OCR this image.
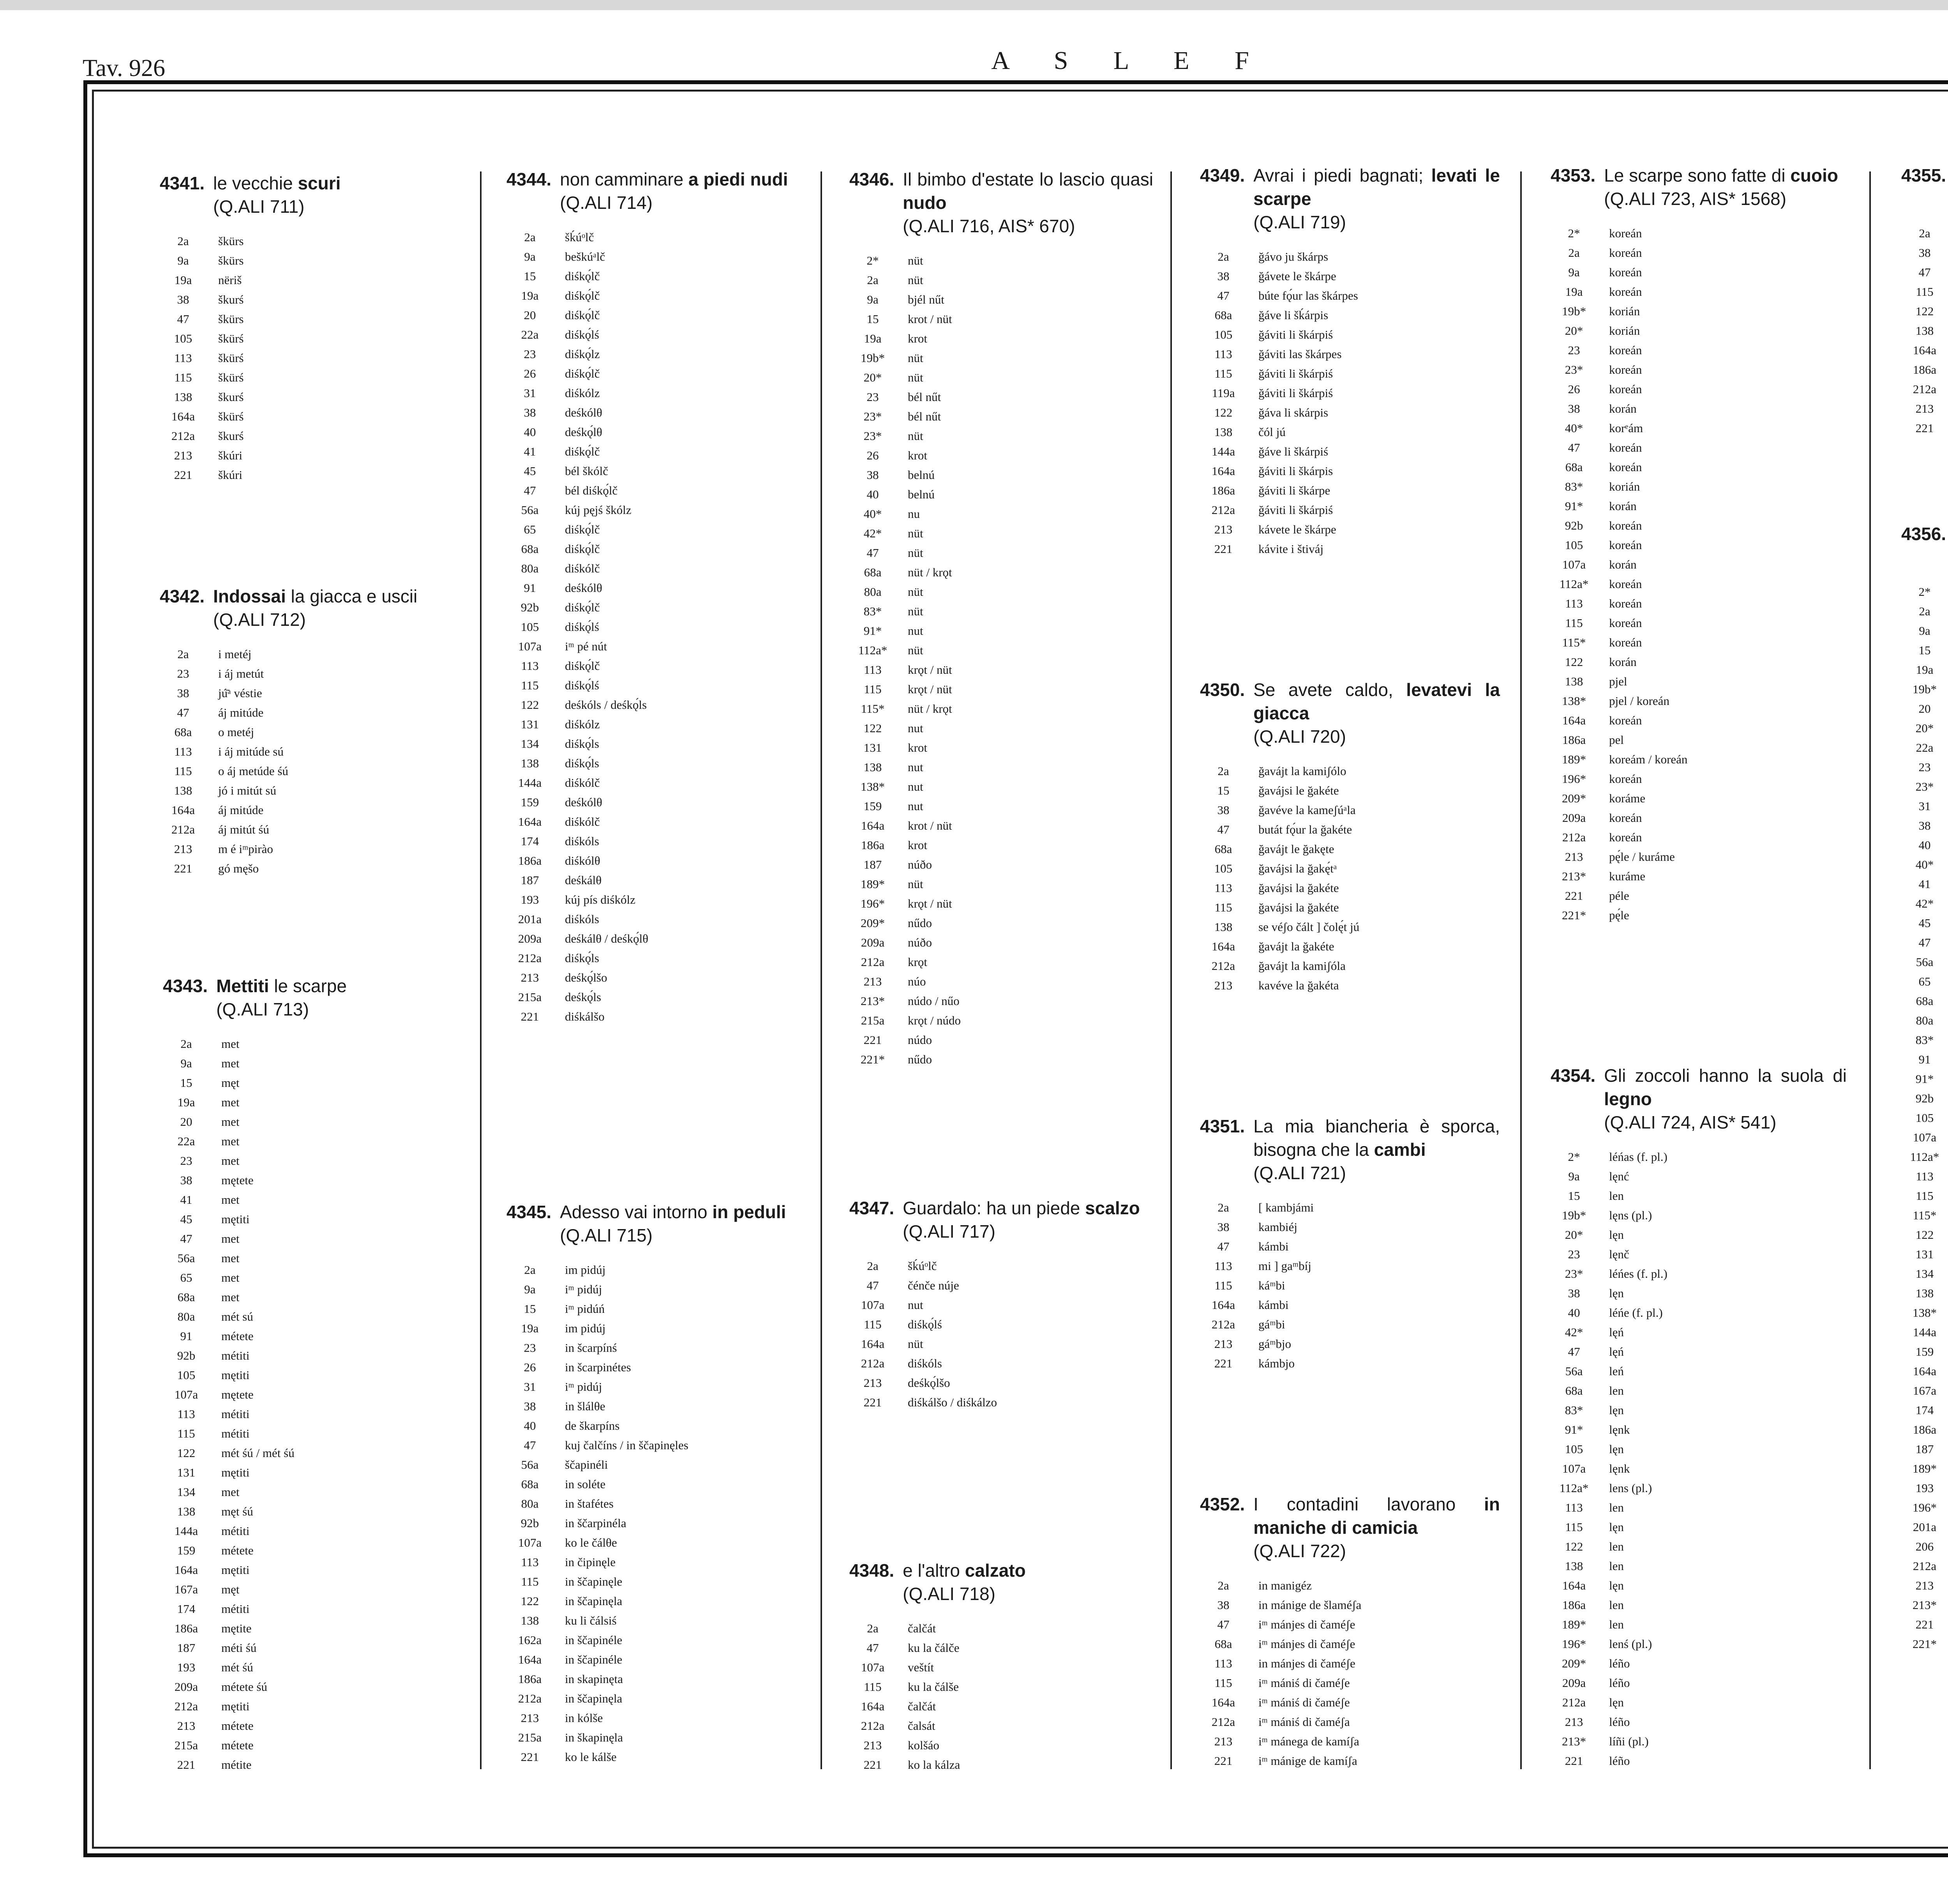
Tav. 926	A S L E F
4341. le vecchie scuri
(Q.ALI 711)
2a	škürs
9a	škürs
19a	nëriš
38	škurś
47	škürs
105	škürś
113	škürś
115	škürś
138	škurś
164a	škürś
212a	škurś
213	škúri
221	škúri
4342. Indossai la giacca e uscii
(Q.ALI 712)
2a	i metéj
23	i áj metút
38	jú̄ᵃ véstie
47	áj mitúde
68a	o metéj
113	i áj mitúde sú
115	o áj metúde śú
138	jó i mitút sú
164a	áj mitúde
212a	áj mitút śú
213	m é iᵐpirào
221	gó męšo
4343. Mettiti le scarpe
(Q.ALI 713)
2a	met
9a	met
15	męt
19a	met
20	met
22a	met
23	met
38	mętete
41	met
45	mętiti
47	met
56a	met
65	met
68a	met
80a	mét sú
91	métete
92b	métiti
105	mętiti
107a	mętete
113	métiti
115	métiti
122	mét śú / mét śú
131	mętiti
134	met
138	męt śú
144a	métiti
159	métete
164a	mętiti
167a	męt
174	métiti
186a	mętite
187	méti śú
193	mét śú
209a	métete śú
212a	mętiti
213	métete
215a	métete
221	métite
4344. non camminare a piedi nudi
(Q.ALI 714)
2a	šḱúᵒlč
9a	beškúᵃlč
15	diśkǫ́lč
19a	diśkǫ́lč
20	diśkǫ́lč
22a	diśkǫ́lś
23	diśkǫ́lz
26	diśkǫ́lč
31	diśkólz
38	deśkólθ
40	deśkǫ́lθ
41	diśkǫ́lč
45	bél škólč
47	bél diśkǫ́lč
56a	kúj pęjś škólz
65	diśkǫ́lč
68a	diśkǫ́lč
80a	diśkólč
91	deśkólθ
92b	diśkǫ́lč
105	diśkǫ́lś
107a	iᵐ pé nút
113	diśkǫ́lč
115	diśkǫ́lś
122	deśkóls / deśkǫ́ls
131	diśkólz
134	diśkǫ́ls
138	diśkǫ́ls
144a	diśkólč
159	deśkólθ
164a	diśkólč
174	diśkóls
186a	diśkólθ
187	deśkálθ
193	kúj pís diśkólz
201a	diśkóls
209a	deśkálθ / deśkǫ́lθ
212a	diśkǫ́ls
213	deśkǫ́lšo
215a	deśkǫ́ls
221	diśkálšo
4345. Adesso vai intorno in peduli
(Q.ALI 715)
2a	im pidúj
9a	iᵐ pidúj
15	iᵐ pidúń
19a	im pidúj
23	in šcarpínś
26	in šcarpinétes
31	iᵐ pidúj
38	in šlálθe
40	de škarpíns
47	kuj čalčíns / in ščapinęles
56a	ščapinéli
68a	in soléte
80a	in štafétes
92b	in ščarpinéla
107a	ko le čálθe
113	in čipinęle
115	in ščapinęle
122	in ščapinęla
138	ku li čálsiś
162a	in ščapinéle
164a	in ščapinéle
186a	in skapinęta
212a	in ščapinęla
213	in kólše
215a	in škapinęla
221	ko le kálše
4346. Il bimbo d'estate lo lascio quasi nudo
(Q.ALI 716, AIS* 670)
2*	nüt
2a	nüt
9a	bjél nűt
15	krot / nüt
19a	krot
19b*	nüt
20*	nüt
23	bél nűt
23*	bél nűt
23*	nüt
26	krot
38	belnú
40	belnú
40*	nu
42*	nüt
47	nüt
68a	nüt / krǫt
80a	nüt
83*	nüt
91*	nut
112a*	nüt
113	krǫt / nüt
115	krǫt / nüt
115*	nüt / krǫt
122	nut
131	krot
138	nut
138*	nut
159	nut
164a	krot / nüt
186a	krot
187	núðo
189*	nüt
196*	krǫt / nüt
209*	nűdo
209a	núðo
212a	krǫt
213	núo
213*	núdo / nűo
215a	krǫt / núdo
221	núdo
221*	nűdo
4347. Guardalo: ha un piede scalzo
(Q.ALI 717)
2a	šḱúᵒlč
47	čénče núje
107a	nut
115	diśkǫ́lś
164a	nüt
212a	diśkóls
213	deśkǫ́lšo
221	diśkálšo / diśkálzo
4348. e l'altro calzato
(Q.ALI 718)
2a	čalčát
47	ku la čálče
107a	veštít
115	ku la čálše
164a	čalčát
212a	čalsát
213	kolšáo
221	ko la kálza
4349. Avrai i piedi bagnati; levati le scarpe
(Q.ALI 719)
2a	ğávo ju škárps
38	ğávete le škárpe
47	búte fǫ́ur las škárpes
68a	ğáve li šḱárpis
105	ğáviti li škárpiś
113	ğáviti las škárpes
115	ğáviti li škárpiś
119a	ğáviti li škárpiś
122	ğáva li skárpis
138	čól jú
144a	ğáve li škárpiś
164a	ğáviti li škárpis
186a	ğáviti li škárpe
212a	ğáviti li škárpiś
213	kávete le škárpe
221	kávite i štiváj
4350. Se avete caldo, levatevi la giacca
(Q.ALI 720)
2a	ğavájt la kamiʃólo
15	ğavájsi le ğakéte
38	ğavéve la kameʃúᵃla
47	butát fǫ́ur la ğakéte
68a	ğavájt le ğakęte
105	ğavájsi la ğakę́tᵃ
113	ğavájsi la ğakéte
115	ğavájsi la ğakéte
138	se véʃo čált ] čolę́t jú
164a	ğavájt la ğakéte
212a	ğavájt la kamiʃóla
213	kavéve la ğakéta
4351. La mia biancheria è sporca, bisogna che la cambi
(Q.ALI 721)
2a	[ kambjámi
38	kambiéj
47	kámbi
113	mi ] gaᵐbíj
115	káᵐbi
164a	kámbi
212a	gáᵐbi
213	gáᵐbjo
221	kámbjo
4352. I contadini lavorano in maniche di camicia
(Q.ALI 722)
2a	in manigéz
38	in mánige de šlaméʃa
47	iᵐ mánjes di čaméʃe
68a	iᵐ mánjes di čaméʃe
113	in mánjes di čaméʃe
115	iᵐ mániś di čaméʃe
164a	iᵐ mániś di čaméʃe
212a	iᵐ mániś di čaméʃa
213	iᵐ mánega de kamíʃa
221	iᵐ mánige de kamíʃa
4353. Le scarpe sono fatte di cuoio
(Q.ALI 723, AIS* 1568)
2*	koreán
2a	koreán
9a	koreán
19a	koreán
19b*	korián
20*	korián
23	koreán
23*	koreán
26	koreán
38	korán
40*	korᵉám
47	koreán
68a	koreán
83*	korián
91*	korán
92b	koreán
105	koreán
107a	korán
112a*	koreán
113	koreán
115	koreán
115*	koreán
122	korán
138	pjel
138*	pjel / koreán
164a	koreán
186a	pel
189*	koreám / koreán
196*	koreán
209*	koráme
209a	koreán
212a	koreán
213	pę́le / kuráme
213*	kuráme
221	péle
221*	pę́le
4354. Gli zoccoli hanno la suola di legno
(Q.ALI 724, AIS* 541)
2*	léńas (f. pl.)
9a	lęnć
15	len
19b*	lęns (pl.)
20*	lęn
23	lęnč
23*	léńes (f. pl.)
38	lęn
40	léńe (f. pl.)
42*	lęń
47	lęń
56a	leń
68a	len
83*	lęn
91*	lęnk
105	lęn
107a	lęnk
112a*	lens (pl.)
113	len
115	lęn
122	len
138	len
164a	lęn
186a	len
189*	len
196*	lenś (pl.)
209*	léño
209a	léño
212a	lęn
213	léño
213*	líñi (pl.)
221	léño
4355.
2a
38
47
115
122
138
164a
186a
212a
213
221
4356.
2*
2a
9a
15
19a
19b*
20
20*
22a
23
23*
31
38
40
40*
41
42*
45
47
56a
65
68a
80a
83*
91
91*
92b
105
107a
112a*
113
115
115*
122
131
134
138
138*
144a
159
164a
167a
174
186a
187
189*
193
196*
201a
206
212a
213
213*
221
221*
